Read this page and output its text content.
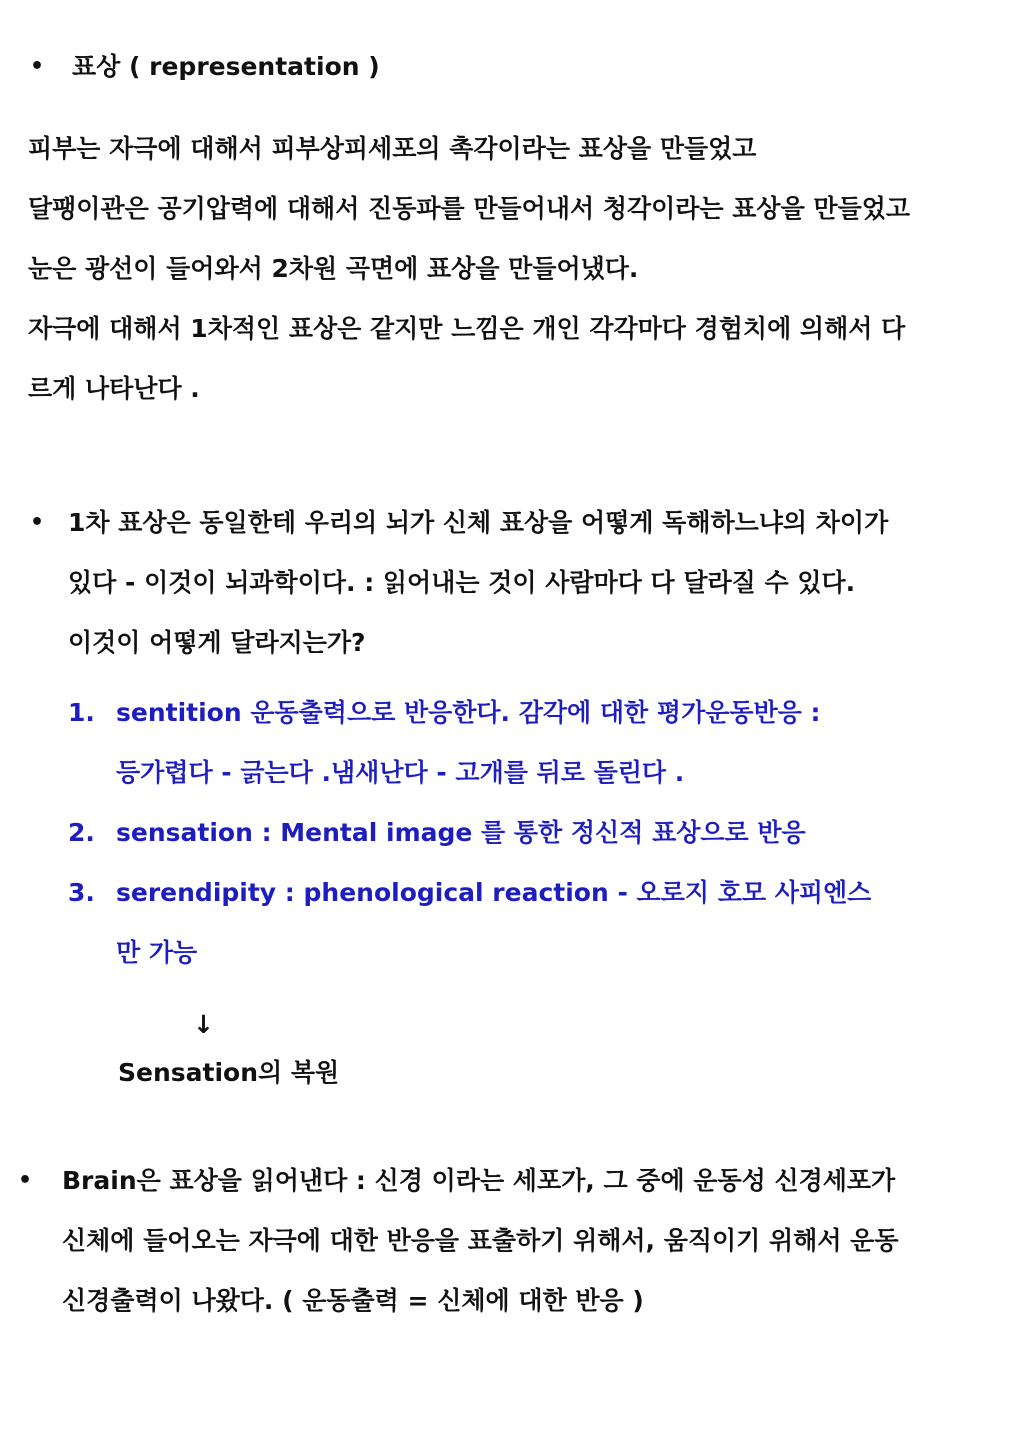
• 표상 ( representation )
피부는 자극에 대해서 피부상피세포의 촉각이라는 표상을 만들었고
달팽이관은 공기압력에 대해서 진동파를 만들어내서 청각이라는 표상을 만들었고
눈은 광선이 들어와서 2차원 곡면에 표상을 만들어냈다.
자극에 대해서 1차적인 표상은 같지만 느낌은 개인 각각마다 경험치에 의해서 다
르게 나타난다 .
• 1차 표상은 동일한테 우리의 뇌가 신체 표상을 어떻게 독해하느냐의 차이가
있다 - 이것이 뇌과학이다. : 읽어내는 것이 사람마다 다 달라질 수 있다.
이것이 어떻게 달라지는가?
1. sentition 운동출력으로 반응한다. 감각에 대한 평가운동반응 :
등가렵다 - 긁는다 .냄새난다 - 고개를 뒤로 돌린다 .
2. sensation : Mental image 를 통한 정신적 표상으로 반응
3. serendipity : phenological reaction - 오로지 호모 사피엔스
만 가능
↓
Sensation의 복원
• Brain은 표상을 읽어낸다 : 신경 이라는 세포가, 그 중에 운동성 신경세포가
신체에 들어오는 자극에 대한 반응을 표출하기 위해서, 움직이기 위해서 운동
신경출력이 나왔다. ( 운동출력 = 신체에 대한 반응 )
